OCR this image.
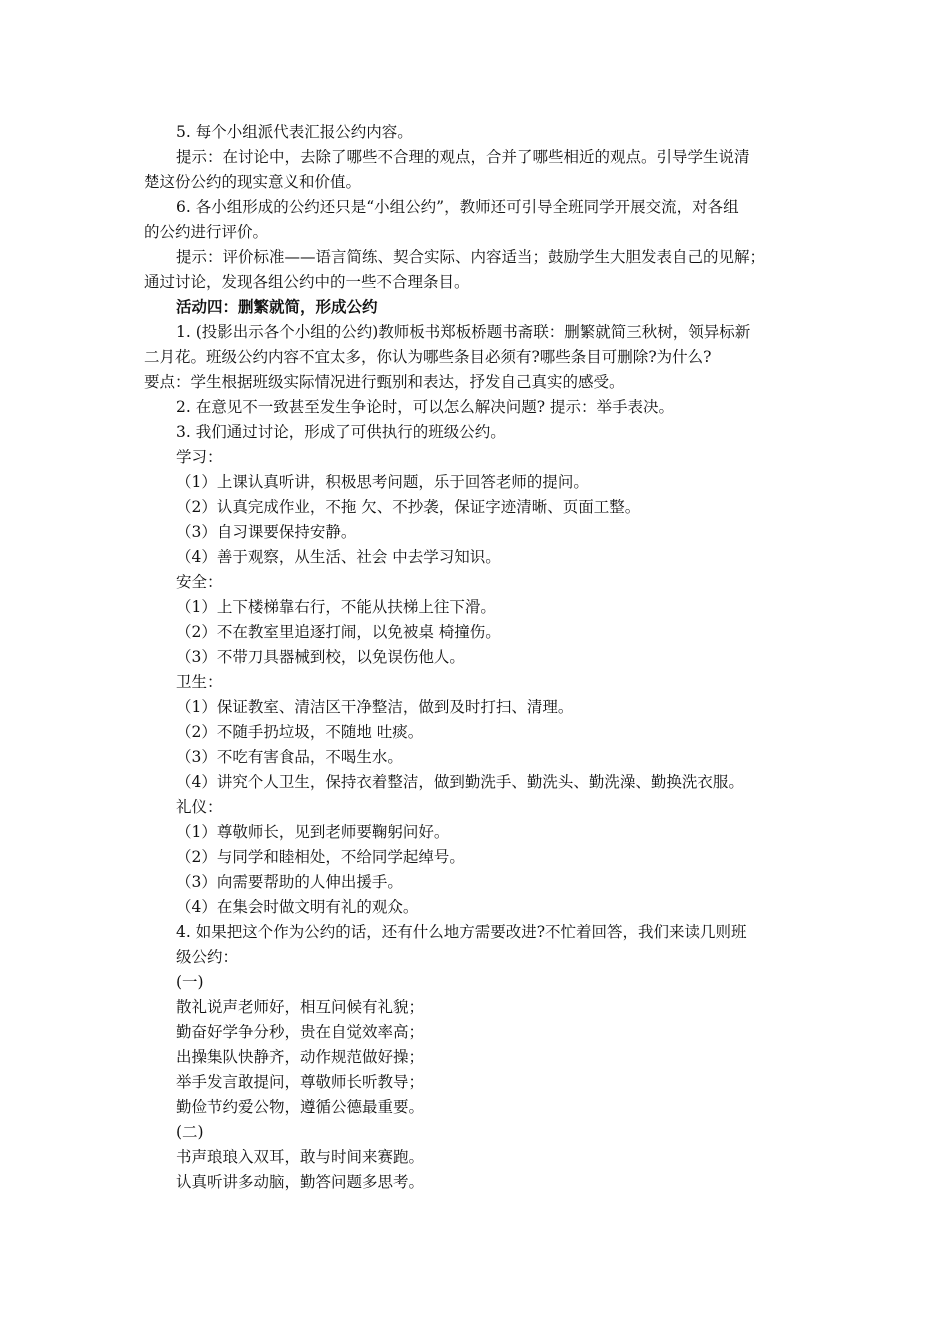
5. 每个小组派代表汇报公约内容。
提示：在讨论中，去除了哪些不合理的观点，合并了哪些相近的观点。引导学生说清
楚这份公约的现实意义和价值。
6. 各小组形成的公约还只是“小组公约”，教师还可引导全班同学开展交流，对各组
的公约进行评价。
提示：评价标准——语言简练、契合实际、内容适当；鼓励学生大胆发表自己的见解；
通过讨论，发现各组公约中的一些不合理条目。
活动四：删繁就简，形成公约
1. (投影出示各个小组的公约)教师板书郑板桥题书斋联：删繁就简三秋树，领异标新
二月花。班级公约内容不宜太多，你认为哪些条目必须有?哪些条目可删除?为什么?
要点：学生根据班级实际情况进行甄别和表达，抒发自己真实的感受。
2. 在意见不一致甚至发生争论时，可以怎么解决问题? 提示：举手表决。
3. 我们通过讨论，形成了可供执行的班级公约。
学习：
（1）上课认真听讲，积极思考问题，乐于回答老师的提问。
（2）认真完成作业，不拖 欠、不抄袭，保证字迹清晰、页面工整。
（3）自习课要保持安静。
（4）善于观察，从生活、社会 中去学习知识。
安全：
（1）上下楼梯靠右行，不能从扶梯上往下滑。
（2）不在教室里追逐打闹，以免被桌 椅撞伤。
（3）不带刀具器械到校，以免误伤他人。
卫生：
（1）保证教室、清洁区干净整洁，做到及时打扫、清理。
（2）不随手扔垃圾，不随地 吐痰。
（3）不吃有害食品，不喝生水。
（4）讲究个人卫生，保持衣着整洁，做到勤洗手、勤洗头、勤洗澡、勤换洗衣服。
礼仪：
（1）尊敬师长，见到老师要鞠躬问好。
（2）与同学和睦相处，不给同学起绰号。
（3）向需要帮助的人伸出援手。
（4）在集会时做文明有礼的观众。
4. 如果把这个作为公约的话，还有什么地方需要改进?不忙着回答，我们来读几则班
级公约：
(一)
散礼说声老师好，相互问候有礼貌；
勤奋好学争分秒，贵在自觉效率高；
出操集队快静齐，动作规范做好操；
举手发言敢提问，尊敬师长听教导；
勤俭节约爱公物，遵循公德最重要。
(二)
书声琅琅入双耳，敢与时间来赛跑。
认真听讲多动脑，勤答问题多思考。
